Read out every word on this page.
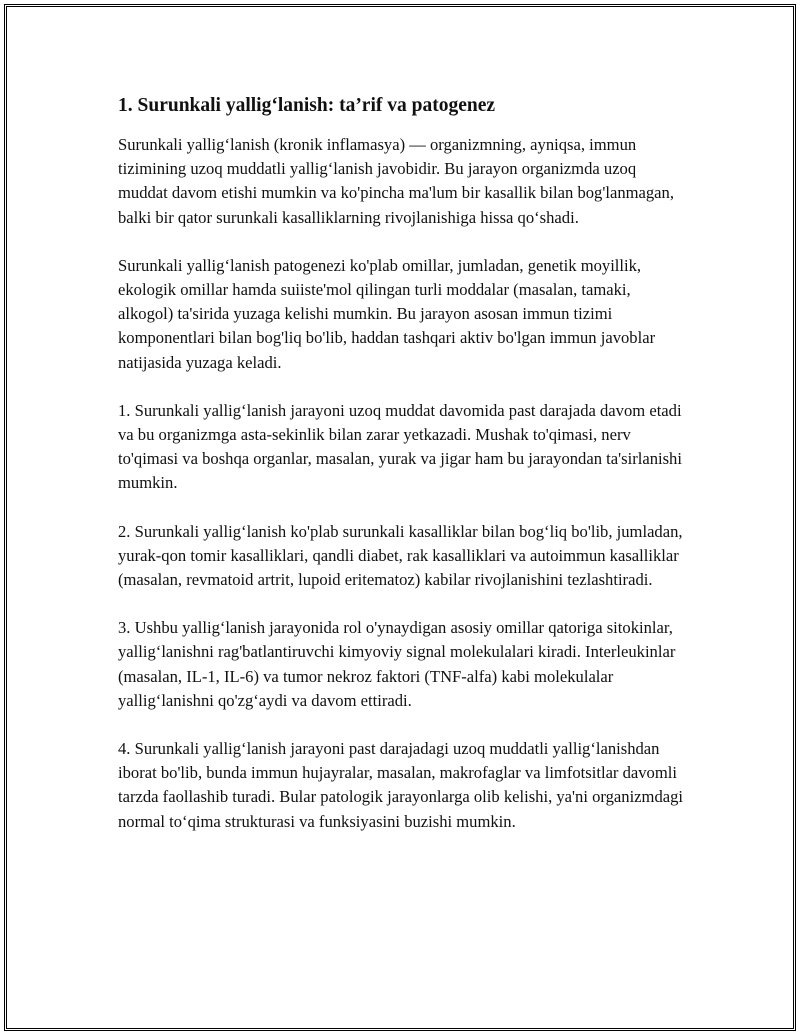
1. Surunkali yallig‘lanish: ta’rif va patogenez

Surunkali yallig‘lanish (kronik inflamasya) — organizmning, ayniqsa, immun tizimining uzoq muddatli yallig‘lanish javobidir. Bu jarayon organizmda uzoq muddat davom etishi mumkin va ko'pincha ma'lum bir kasallik bilan bog'lanmagan, balki bir qator surunkali kasalliklarning rivojlanishiga hissa qo‘shadi.

Surunkali yallig‘lanish patogenezi ko'plab omillar, jumladan, genetik moyillik, ekologik omillar hamda suiiste'mol qilingan turli moddalar (masalan, tamaki, alkogol) ta'sirida yuzaga kelishi mumkin. Bu jarayon asosan immun tizimi komponentlari bilan bog'liq bo'lib, haddan tashqari aktiv bo'lgan immun javoblar natijasida yuzaga keladi.

1. Surunkali yallig‘lanish jarayoni uzoq muddat davomida past darajada davom etadi va bu organizmga asta-sekinlik bilan zarar yetkazadi. Mushak to'qimasi, nerv to'qimasi va boshqa organlar, masalan, yurak va jigar ham bu jarayondan ta'sirlanishi mumkin.

2. Surunkali yallig‘lanish ko'plab surunkali kasalliklar bilan bog‘liq bo'lib, jumladan, yurak-qon tomir kasalliklari, qandli diabet, rak kasalliklari va autoimmun kasalliklar (masalan, revmatoid artrit, lupoid eritematoz) kabilar rivojlanishini tezlashtiradi.

3. Ushbu yallig‘lanish jarayonida rol o'ynaydigan asosiy omillar qatoriga sitokinlar, yallig‘lanishni rag'batlantiruvchi kimyoviy signal molekulalari kiradi. Interleukinlar (masalan, IL-1, IL-6) va tumor nekroz faktori (TNF-alfa) kabi molekulalar yallig‘lanishni qo'zg‘aydi va davom ettiradi.

4. Surunkali yallig‘lanish jarayoni past darajadagi uzoq muddatli yallig‘lanishdan iborat bo'lib, bunda immun hujayralar, masalan, makrofaglar va limfotsitlar davomli tarzda faollashib turadi. Bular patologik jarayonlarga olib kelishi, ya'ni organizmdagi normal to‘qima strukturasi va funksiyasini buzishi mumkin.
